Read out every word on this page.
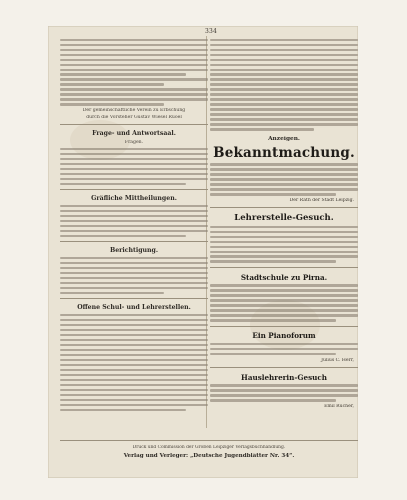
334
Der gemeinschaftliche Verein zu Erbschung
durch die Vorsteher Gustav Wiesel Ruoel
Frage- und Antwortsaal.
Fragen.
Gräfliche Mittheilungen.
Berichtigung.
Offene Schul- und Lehrerstellen.
Anzeigen.
Bekanntmachung.
Der Rath der Stadt Leipzig.
Lehrerstelle-Gesuch.
Stadtschule zu Pirna.
Ein Pianoforum
Julius C. Herr,
Hauslehrerin-Gesuch
Emil Rücher,
Druck und Commission der Großen Leipziger Verlagsbuchhandlung.
Verlag und Verleger: „Deutsche Jugendblätter Nr. 34“.
